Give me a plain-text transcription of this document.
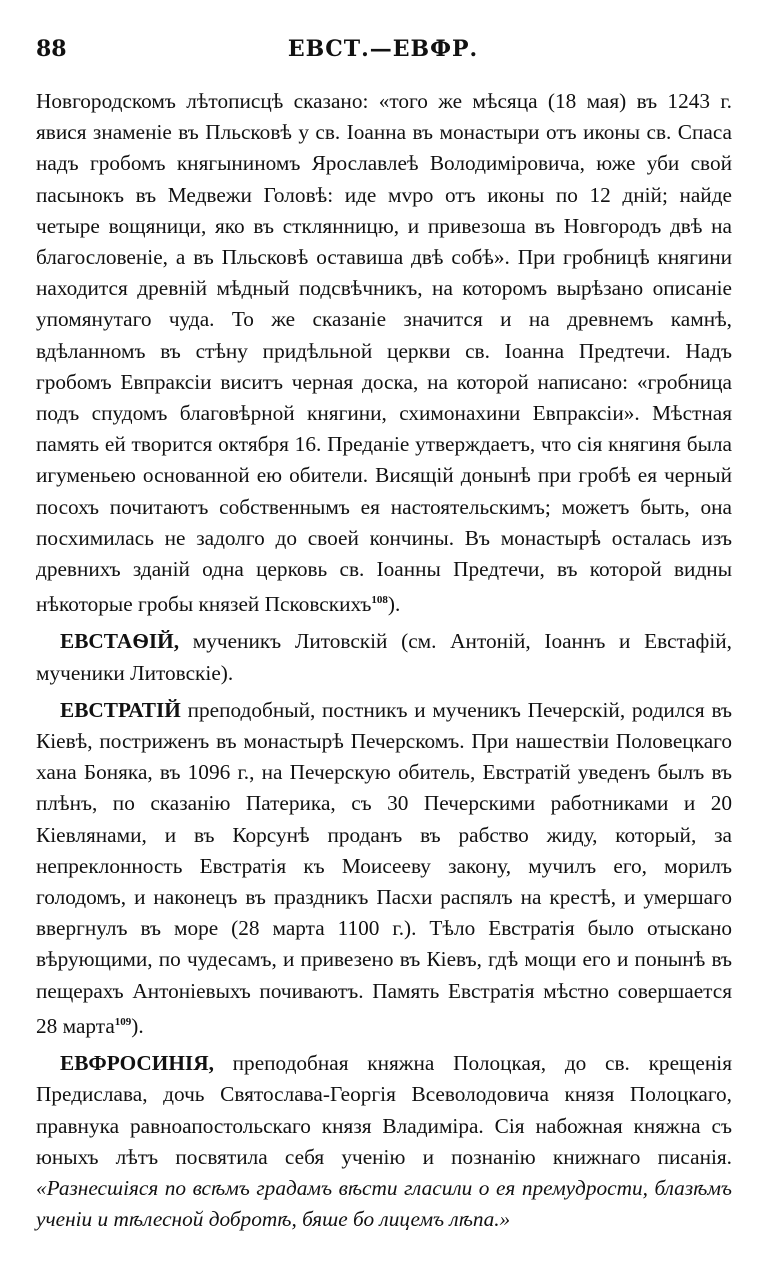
88	ЕВСТ.—ЕВФР.

Новгородскомъ лѣтописцѣ сказано: «того же мѣсяца (18 мая) въ 1243 г. явися знаменіе въ Пльсковѣ у св. Іоанна въ монастыри отъ иконы св. Спаса надъ гробомъ княгыниномъ Ярославлеѣ Володиміровича, юже уби свой пасынокъ въ Медвежи Головѣ: иде мvро отъ иконы по 12 дній; найде четыре вощяници, яко въ стклянницю, и привезоша въ Новгородъ двѣ на благословеніе, а въ Пльсковѣ оставиша двѣ собѣ». При гробницѣ княгини находится древній мѣдный подсвѣчникъ, на которомъ вырѣзано описаніе упомянутаго чуда. То же сказаніе значится и на древнемъ камнѣ, вдѣланномъ въ стѣну придѣльной церкви св. Іоанна Предтечи. Надъ гробомъ Евпраксіи виситъ черная доска, на которой написано: «гробница подъ спудомъ благовѣрной княгини, схимонахини Евпраксіи». Мѣстная память ей творится октября 16. Преданіе утверждаетъ, что сія княгиня была игуменьею основанной ею обители. Висящій донынѣ при гробѣ ея черный посохъ почитаютъ собственнымъ ея настоятельскимъ; можетъ быть, она посхимилась не задолго до своей кончины. Въ монастырѣ осталась изъ древнихъ зданій одна церковь св. Іоанны Предтечи, въ которой видны нѣкоторые гробы князей Псковскихъ$^{108}$).

ЕВСТАѲІЙ, мученикъ Литовскій (см. Антоній, Іоаннъ и Евстафій, мученики Литовскіе).

ЕВСТРАТІЙ преподобный, постникъ и мученикъ Печерскій, родился въ Кіевѣ, постриженъ въ монастырѣ Печерскомъ. При нашествіи Половецкаго хана Боняка, въ 1096 г., на Печерскую обитель, Евстратій уведенъ былъ въ плѣнъ, по сказанію Патерика, съ 30 Печерскими работниками и 20 Кіевлянами, и въ Корсунѣ проданъ въ рабство жиду, который, за непреклонность Евстратія къ Моисееву закону, мучилъ его, морилъ голодомъ, и наконецъ въ праздникъ Пасхи распялъ на крестѣ, и умершаго ввергнулъ въ море (28 марта 1100 г.). Тѣло Евстратія было отыскано вѣрующими, по чудесамъ, и привезено въ Кіевъ, гдѣ мощи его и понынѣ въ пещерахъ Антоніевыхъ почиваютъ. Память Евстратія мѣстно совершается 28 марта$^{109}$).

ЕВФРОСИНІЯ, преподобная княжна Полоцкая, до св. крещенія Предислава, дочь Святослава-Георгія Всеволодовича князя Полоцкаго, правнука равноапостольскаго князя Владиміра. Сія набожная княжна съ юныхъ лѣтъ посвятила себя ученію и познанію книжнаго писанія. «Разнесшіяся по всѣмъ градамъ вѣсти гласили о ея премудрости, блазѣмъ ученіи и тѣлесной добротѣ, бяше бо лицемъ лѣпа.»
